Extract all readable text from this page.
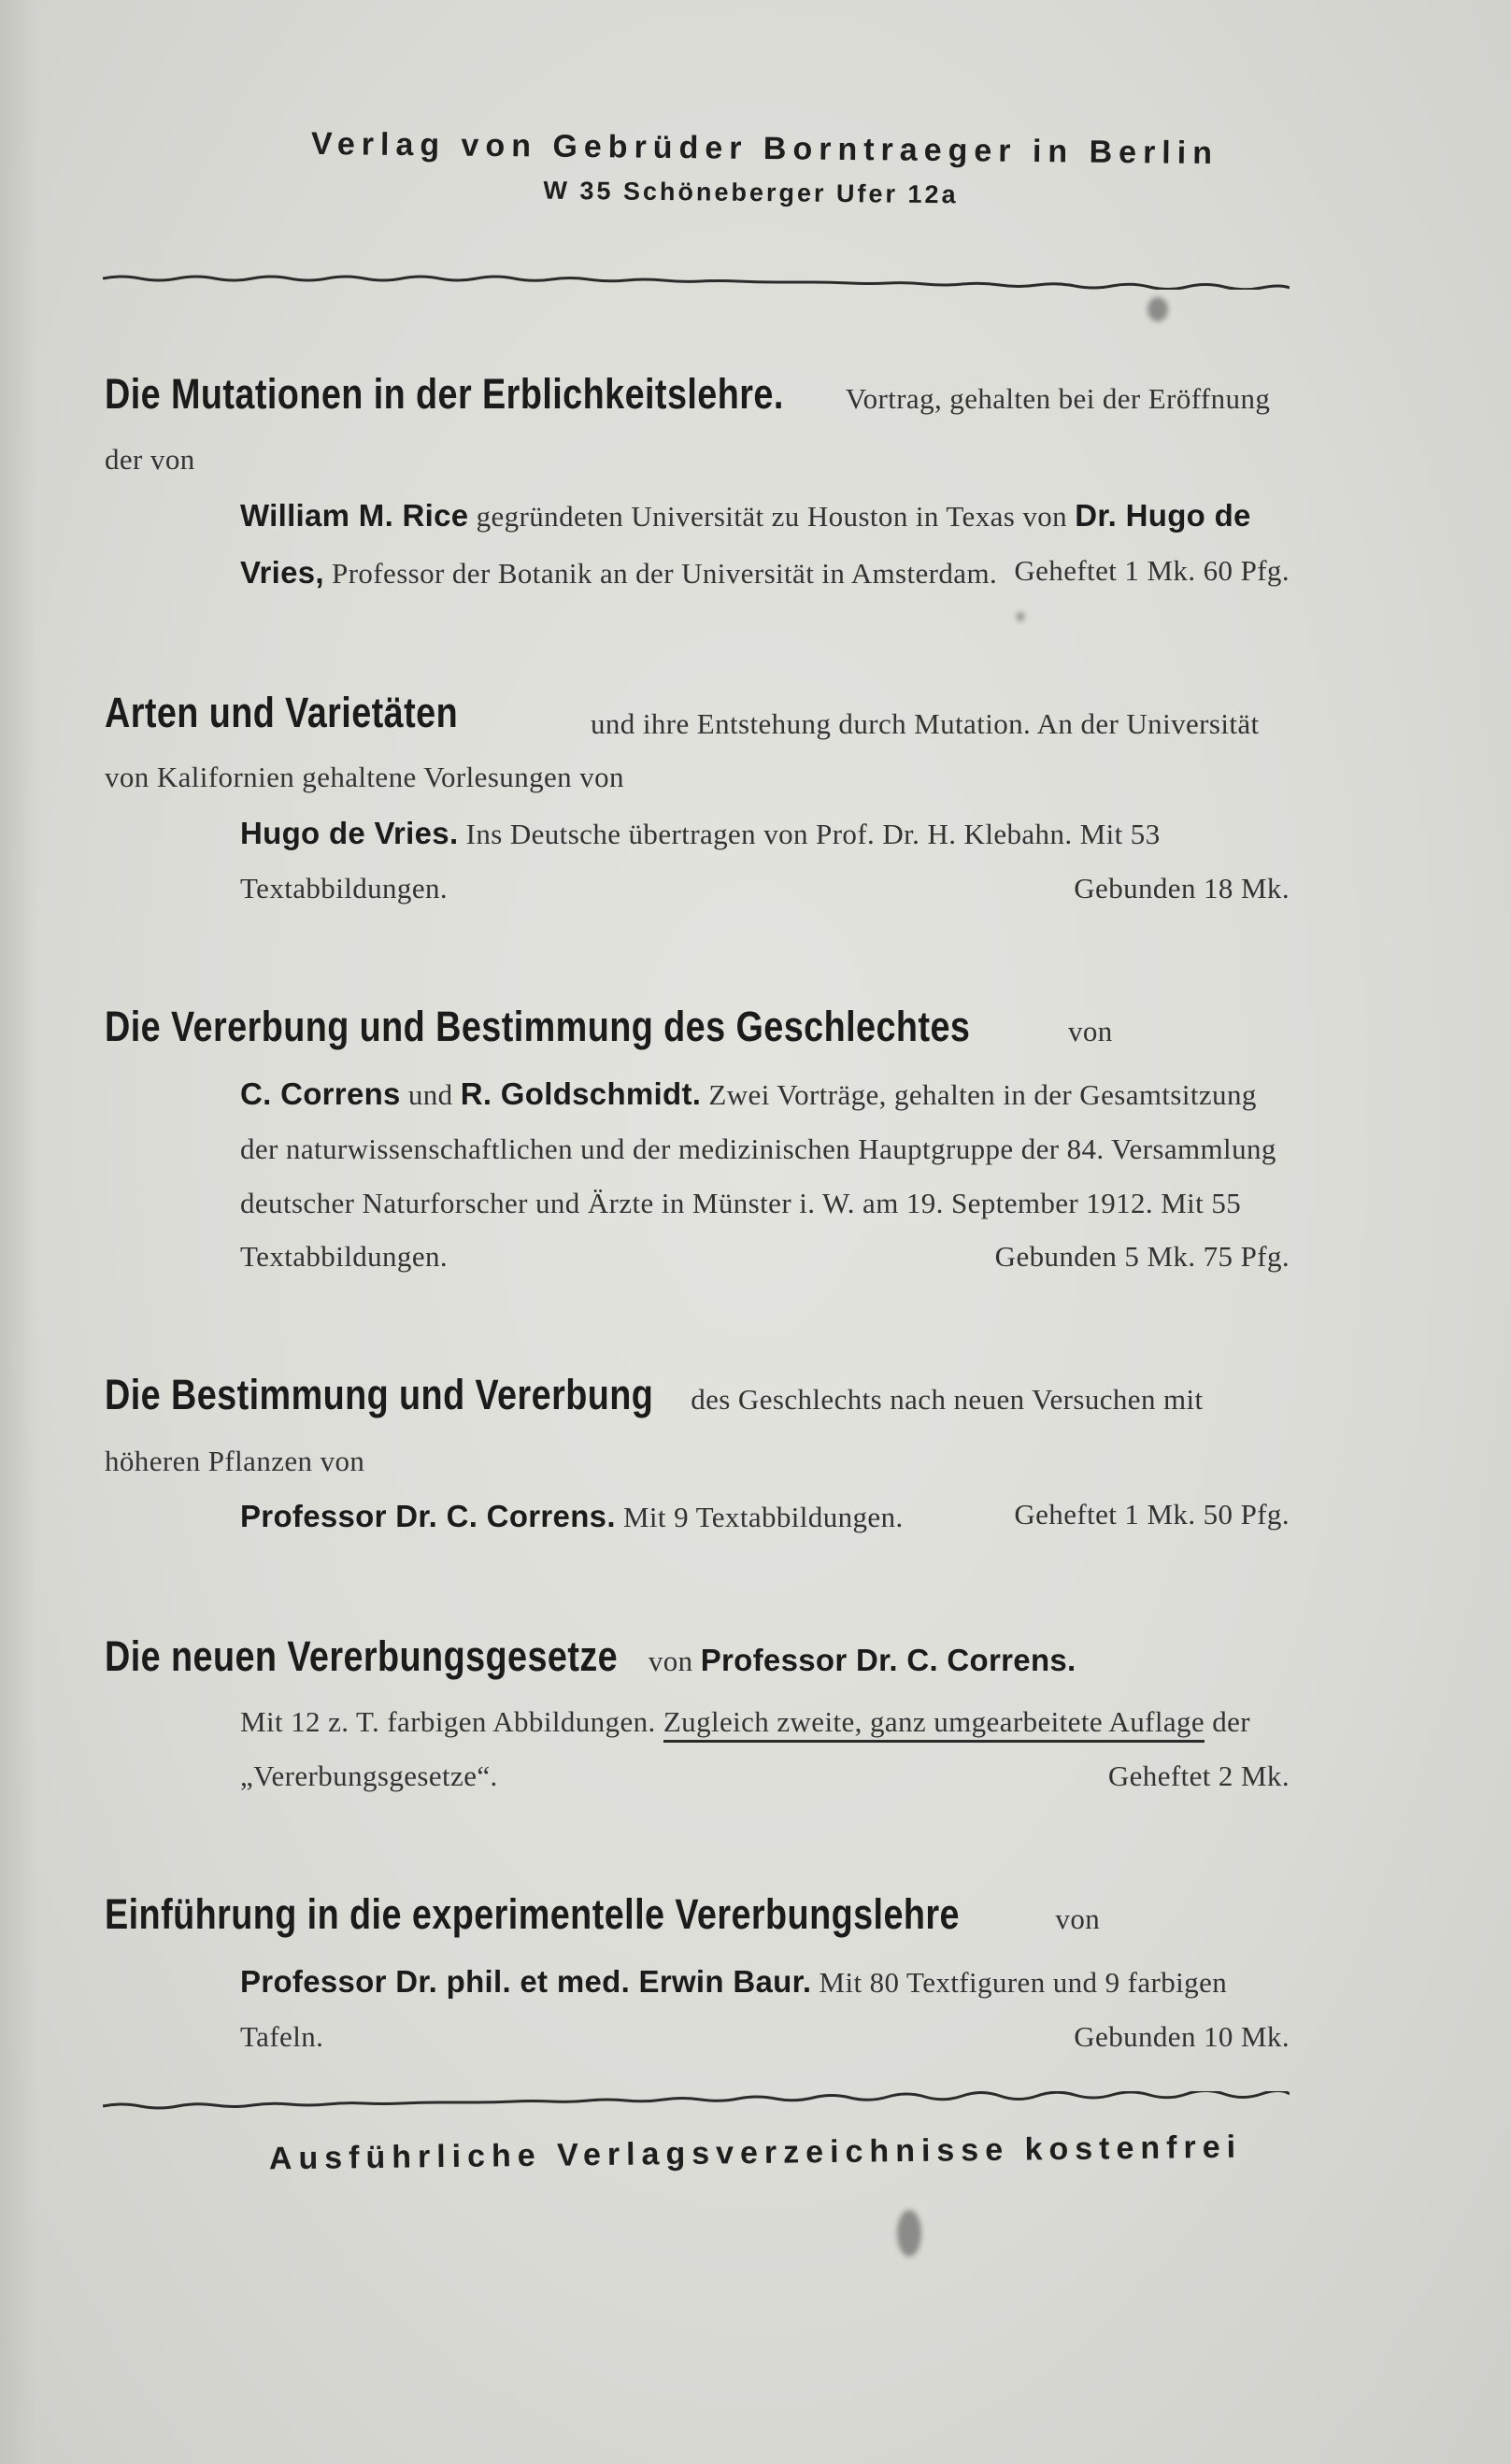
Verlag von Gebrüder Borntraeger in Berlin
W 35 Schöneberger Ufer 12a
Die Mutationen in der Erblichkeitslehre. Vortrag, gehalten bei der Eröffnung der von
William M. Rice gegründeten Universität zu Houston in Texas von Dr. Hugo de Vries, Professor der Botanik an der Universität in Amsterdam. Geheftet 1 Mk. 60 Pfg.
Arten und Varietäten	und ihre Entstehung durch Mutation. An der Universität von Kalifornien gehaltene Vorlesungen von
Hugo de Vries. Ins Deutsche übertragen von Prof. Dr. H. Klebahn. Mit 53 Textabbildungen.	Gebunden 18 Mk.
Die Vererbung und Bestimmung des Geschlechtes	von
C. Correns und R. Goldschmidt. Zwei Vorträge, gehalten in der Gesamtsitzung der naturwissenschaftlichen und der medizinischen Hauptgruppe der 84. Versammlung deutscher Naturforscher und Ärzte in Münster i. W. am 19. September 1912. Mit 55 Textabbildungen.	Gebunden 5 Mk. 75 Pfg.
Die Bestimmung und Vererbung des Geschlechts nach neuen Versuchen mit höheren Pflanzen von
Professor Dr. C. Correns. Mit 9 Textabbildungen.	Geheftet 1 Mk. 50 Pfg.
Die neuen Vererbungsgesetze von Professor Dr. C. Correns.
Mit 12 z. T. farbigen Abbildungen. Zugleich zweite, ganz umgearbeitete Auflage der „Vererbungsgesetze“.	Geheftet 2 Mk.
Einführung in die experimentelle Vererbungslehre	von
Professor Dr. phil. et med. Erwin Baur. Mit 80 Textfiguren und 9 farbigen Tafeln.	Gebunden 10 Mk.
Ausführliche Verlagsverzeichnisse kostenfrei
